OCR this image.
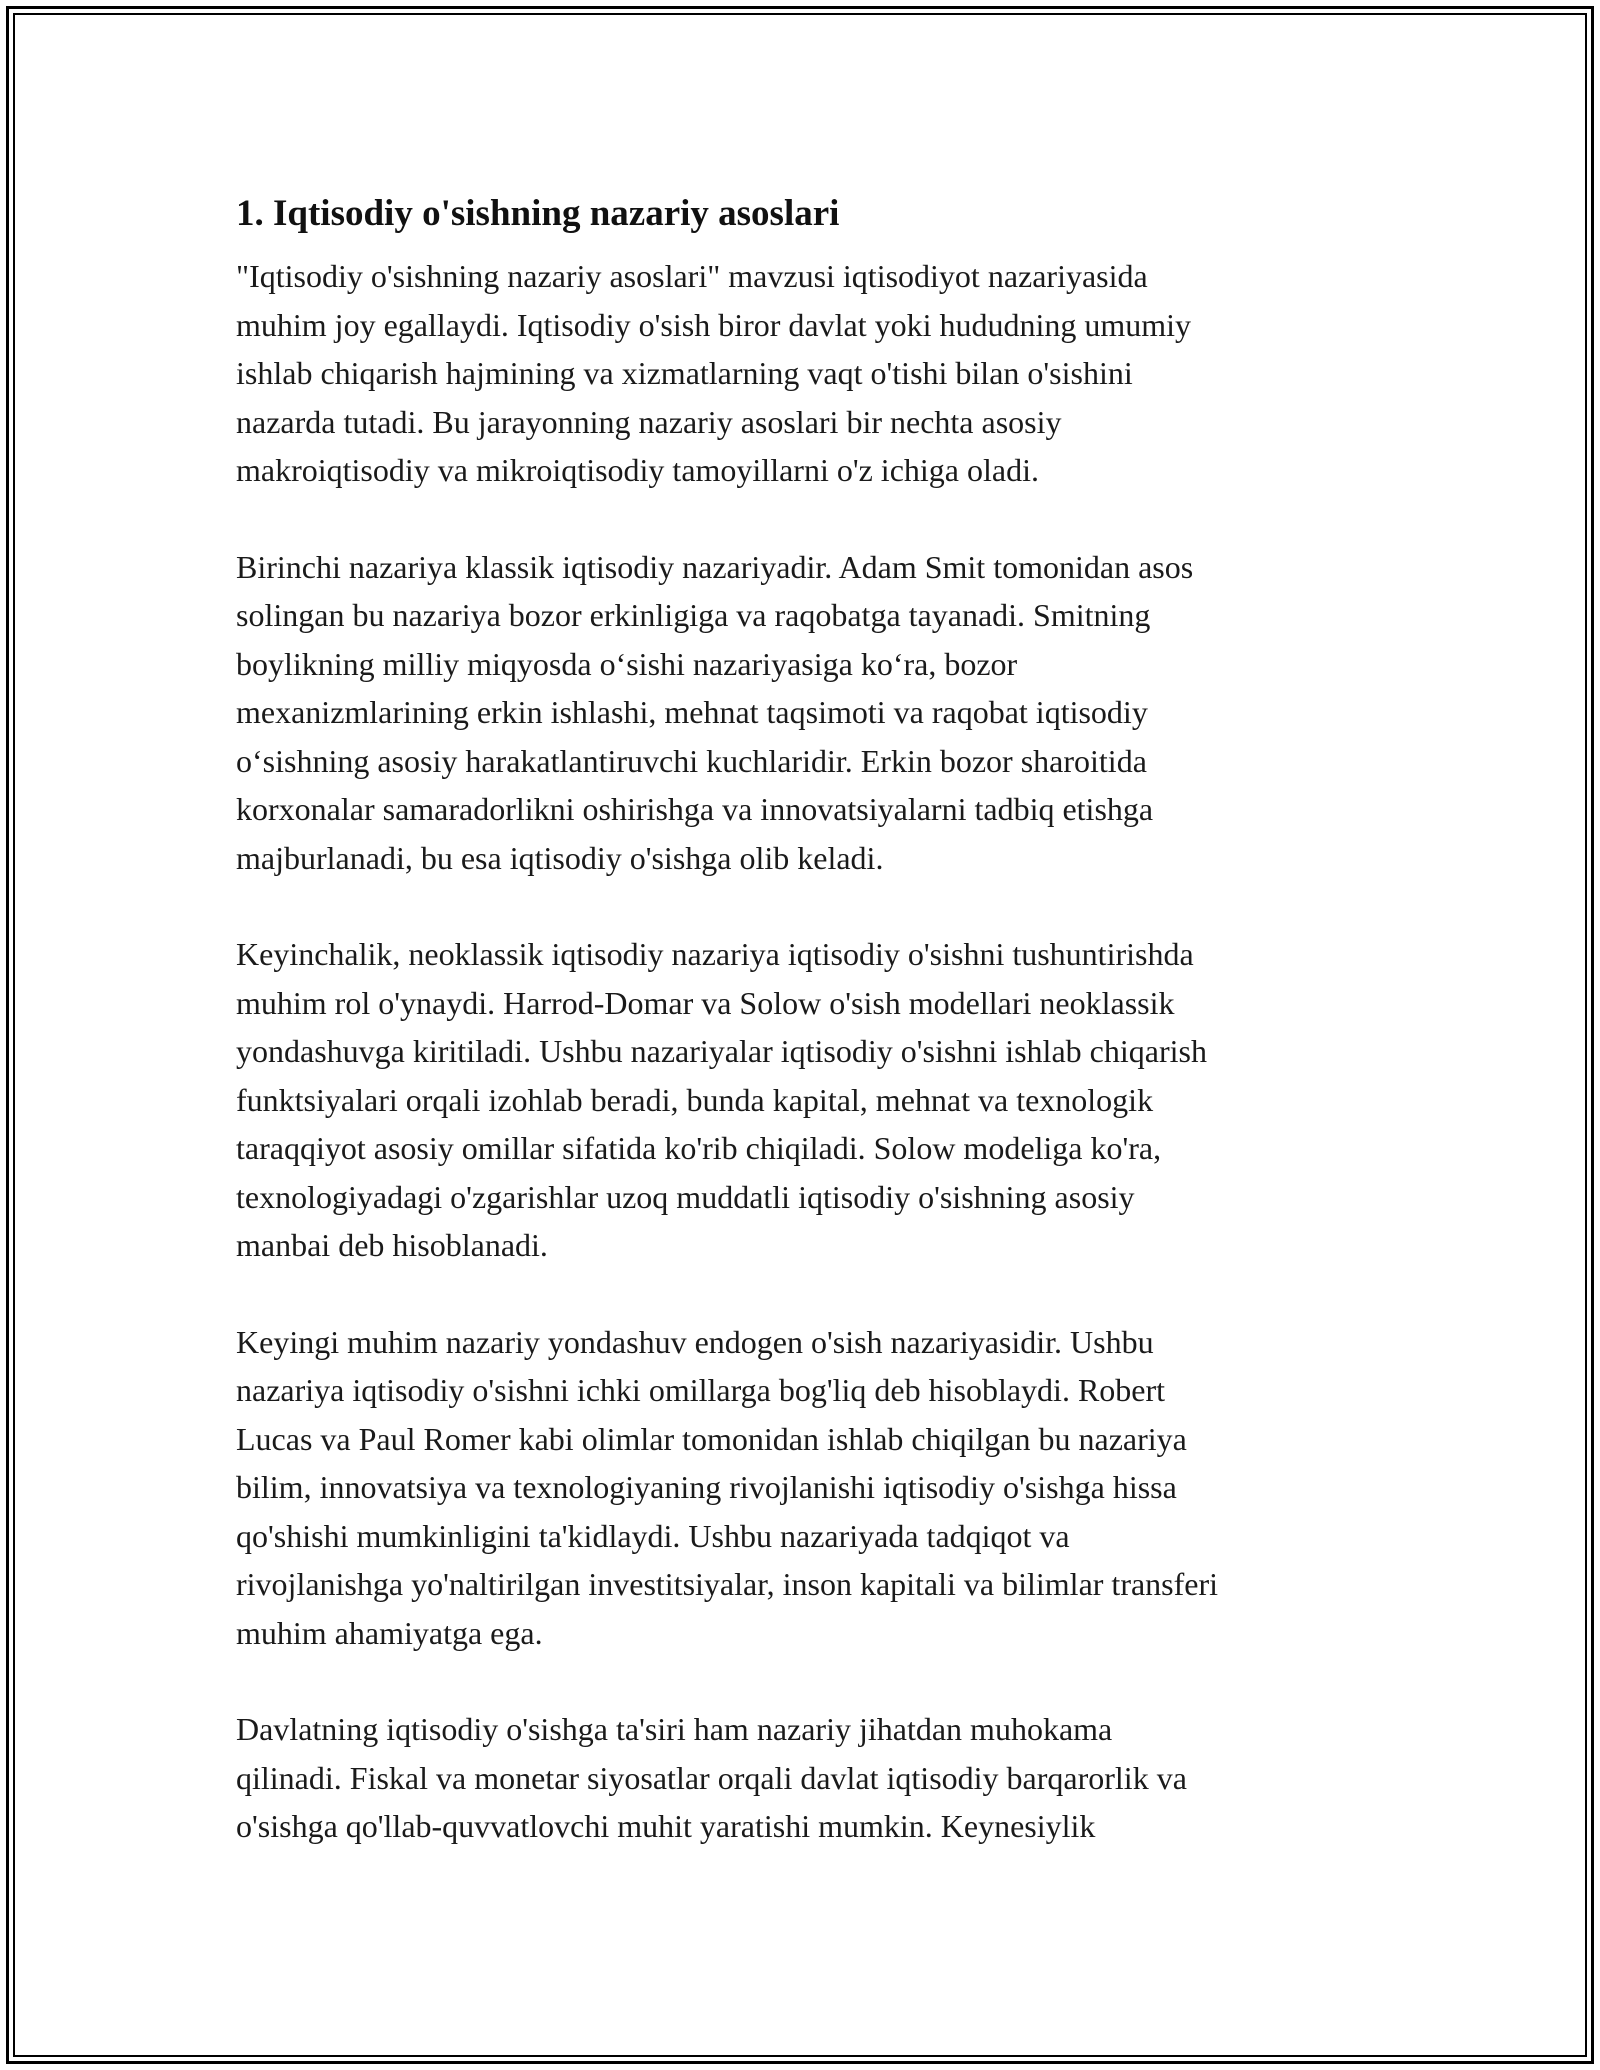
1. Iqtisodiy o'sishning nazariy asoslari

"Iqtisodiy o'sishning nazariy asoslari" mavzusi iqtisodiyot nazariyasida
muhim joy egallaydi. Iqtisodiy o'sish biror davlat yoki hududning umumiy
ishlab chiqarish hajmining va xizmatlarning vaqt o'tishi bilan o'sishini
nazarda tutadi. Bu jarayonning nazariy asoslari bir nechta asosiy
makroiqtisodiy va mikroiqtisodiy tamoyillarni o'z ichiga oladi.

Birinchi nazariya klassik iqtisodiy nazariyadir. Adam Smit tomonidan asos
solingan bu nazariya bozor erkinligiga va raqobatga tayanadi. Smitning
boylikning milliy miqyosda o‘sishi nazariyasiga ko‘ra, bozor
mexanizmlarining erkin ishlashi, mehnat taqsimoti va raqobat iqtisodiy
o‘sishning asosiy harakatlantiruvchi kuchlaridir. Erkin bozor sharoitida
korxonalar samaradorlikni oshirishga va innovatsiyalarni tadbiq etishga
majburlanadi, bu esa iqtisodiy o'sishga olib keladi.

Keyinchalik, neoklassik iqtisodiy nazariya iqtisodiy o'sishni tushuntirishda
muhim rol o'ynaydi. Harrod-Domar va Solow o'sish modellari neoklassik
yondashuvga kiritiladi. Ushbu nazariyalar iqtisodiy o'sishni ishlab chiqarish
funktsiyalari orqali izohlab beradi, bunda kapital, mehnat va texnologik
taraqqiyot asosiy omillar sifatida ko'rib chiqiladi. Solow modeliga ko'ra,
texnologiyadagi o'zgarishlar uzoq muddatli iqtisodiy o'sishning asosiy
manbai deb hisoblanadi.

Keyingi muhim nazariy yondashuv endogen o'sish nazariyasidir. Ushbu
nazariya iqtisodiy o'sishni ichki omillarga bog'liq deb hisoblaydi. Robert
Lucas va Paul Romer kabi olimlar tomonidan ishlab chiqilgan bu nazariya
bilim, innovatsiya va texnologiyaning rivojlanishi iqtisodiy o'sishga hissa
qo'shishi mumkinligini ta'kidlaydi. Ushbu nazariyada tadqiqot va
rivojlanishga yo'naltirilgan investitsiyalar, inson kapitali va bilimlar transferi
muhim ahamiyatga ega.

Davlatning iqtisodiy o'sishga ta'siri ham nazariy jihatdan muhokama
qilinadi. Fiskal va monetar siyosatlar orqali davlat iqtisodiy barqarorlik va
o'sishga qo'llab-quvvatlovchi muhit yaratishi mumkin. Keynesiylik
